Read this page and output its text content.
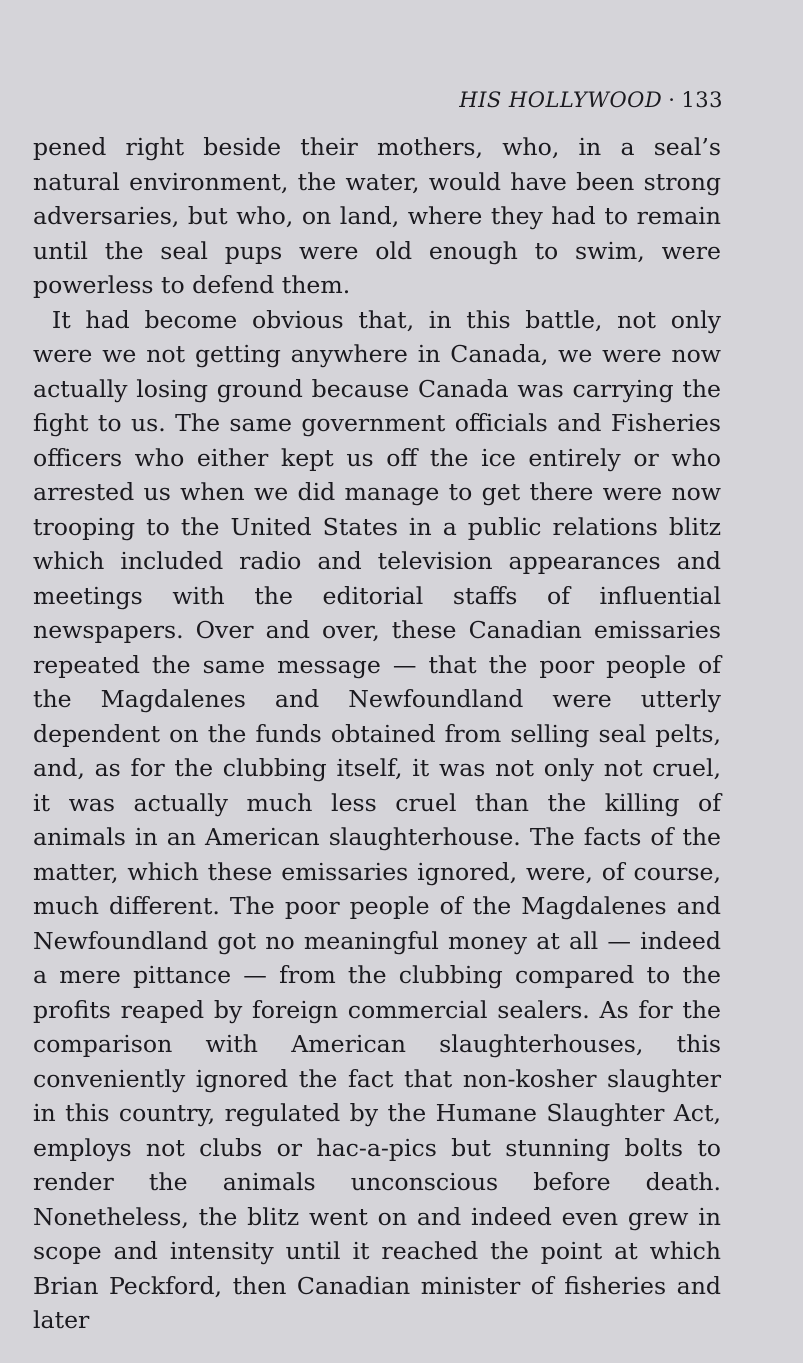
HIS HOLLYWOOD · 133

pened right beside their mothers, who, in a seal’s natural environment, the water, would have been strong adversaries, but who, on land, where they had to remain until the seal pups were old enough to swim, were powerless to defend them.

It had become obvious that, in this battle, not only were we not getting anywhere in Canada, we were now actually losing ground because Canada was carrying the fight to us. The same government officials and Fisheries officers who either kept us off the ice entirely or who arrested us when we did manage to get there were now trooping to the United States in a public relations blitz which included radio and television appearances and meetings with the editorial staffs of influential newspapers. Over and over, these Canadian emissaries repeated the same message — that the poor people of the Magdalenes and Newfoundland were utterly dependent on the funds obtained from selling seal pelts, and, as for the clubbing itself, it was not only not cruel, it was actually much less cruel than the killing of animals in an American slaughterhouse. The facts of the matter, which these emissaries ignored, were, of course, much different. The poor people of the Magdalenes and Newfoundland got no meaningful money at all — indeed a mere pittance — from the clubbing compared to the profits reaped by foreign commercial sealers. As for the comparison with American slaughterhouses, this conveniently ignored the fact that non-kosher slaughter in this country, regulated by the Humane Slaughter Act, employs not clubs or hac-a-pics but stunning bolts to render the animals unconscious before death. Nonetheless, the blitz went on and indeed even grew in scope and intensity until it reached the point at which Brian Peckford, then Canadian minister of fisheries and later
